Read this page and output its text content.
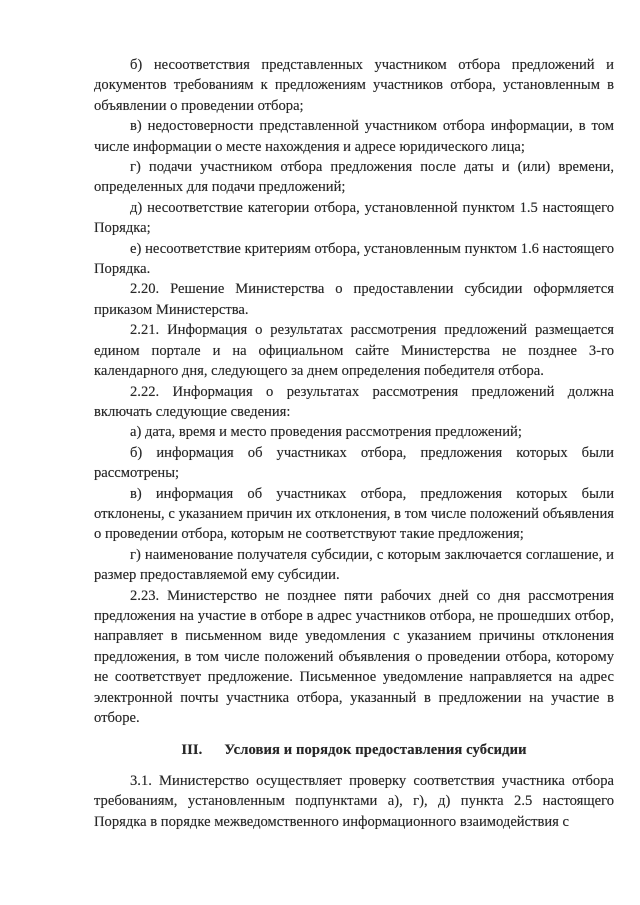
б) несоответствия представленных участником отбора предложений и документов требованиям к предложениям участников отбора, установленным в объявлении о проведении отбора;

в) недостоверности представленной участником отбора информации, в том числе информации о месте нахождения и адресе юридического лица;

г) подачи участником отбора предложения после даты и (или) времени, определенных для подачи предложений;

д) несоответствие категории отбора, установленной пунктом 1.5 настоящего Порядка;

е) несоответствие критериям отбора, установленным пунктом 1.6 настоящего Порядка.

2.20. Решение Министерства о предоставлении субсидии оформляется приказом Министерства.

2.21. Информация о результатах рассмотрения предложений размещается едином портале и на официальном сайте Министерства не позднее 3-го календарного дня, следующего за днем определения победителя отбора.

2.22. Информация о результатах рассмотрения предложений должна включать следующие сведения:

а) дата, время и место проведения рассмотрения предложений;

б) информация об участниках отбора, предложения которых были рассмотрены;

в) информация об участниках отбора, предложения которых были отклонены, с указанием причин их отклонения, в том числе положений объявления о проведении отбора, которым не соответствуют такие предложения;

г) наименование получателя субсидии, с которым заключается соглашение, и размер предоставляемой ему субсидии.

2.23. Министерство не позднее пяти рабочих дней со дня рассмотрения предложения на участие в отборе в адрес участников отбора, не прошедших отбор, направляет в письменном виде уведомления с указанием причины отклонения предложения, в том числе положений объявления о проведении отбора, которому не соответствует предложение. Письменное уведомление направляется на адрес электронной почты участника отбора, указанный в предложении на участие в отборе.

III. Условия и порядок предоставления субсидии

3.1. Министерство осуществляет проверку соответствия участника отбора требованиям, установленным подпунктами а), г), д) пункта 2.5 настоящего Порядка в порядке межведомственного информационного взаимодействия с
